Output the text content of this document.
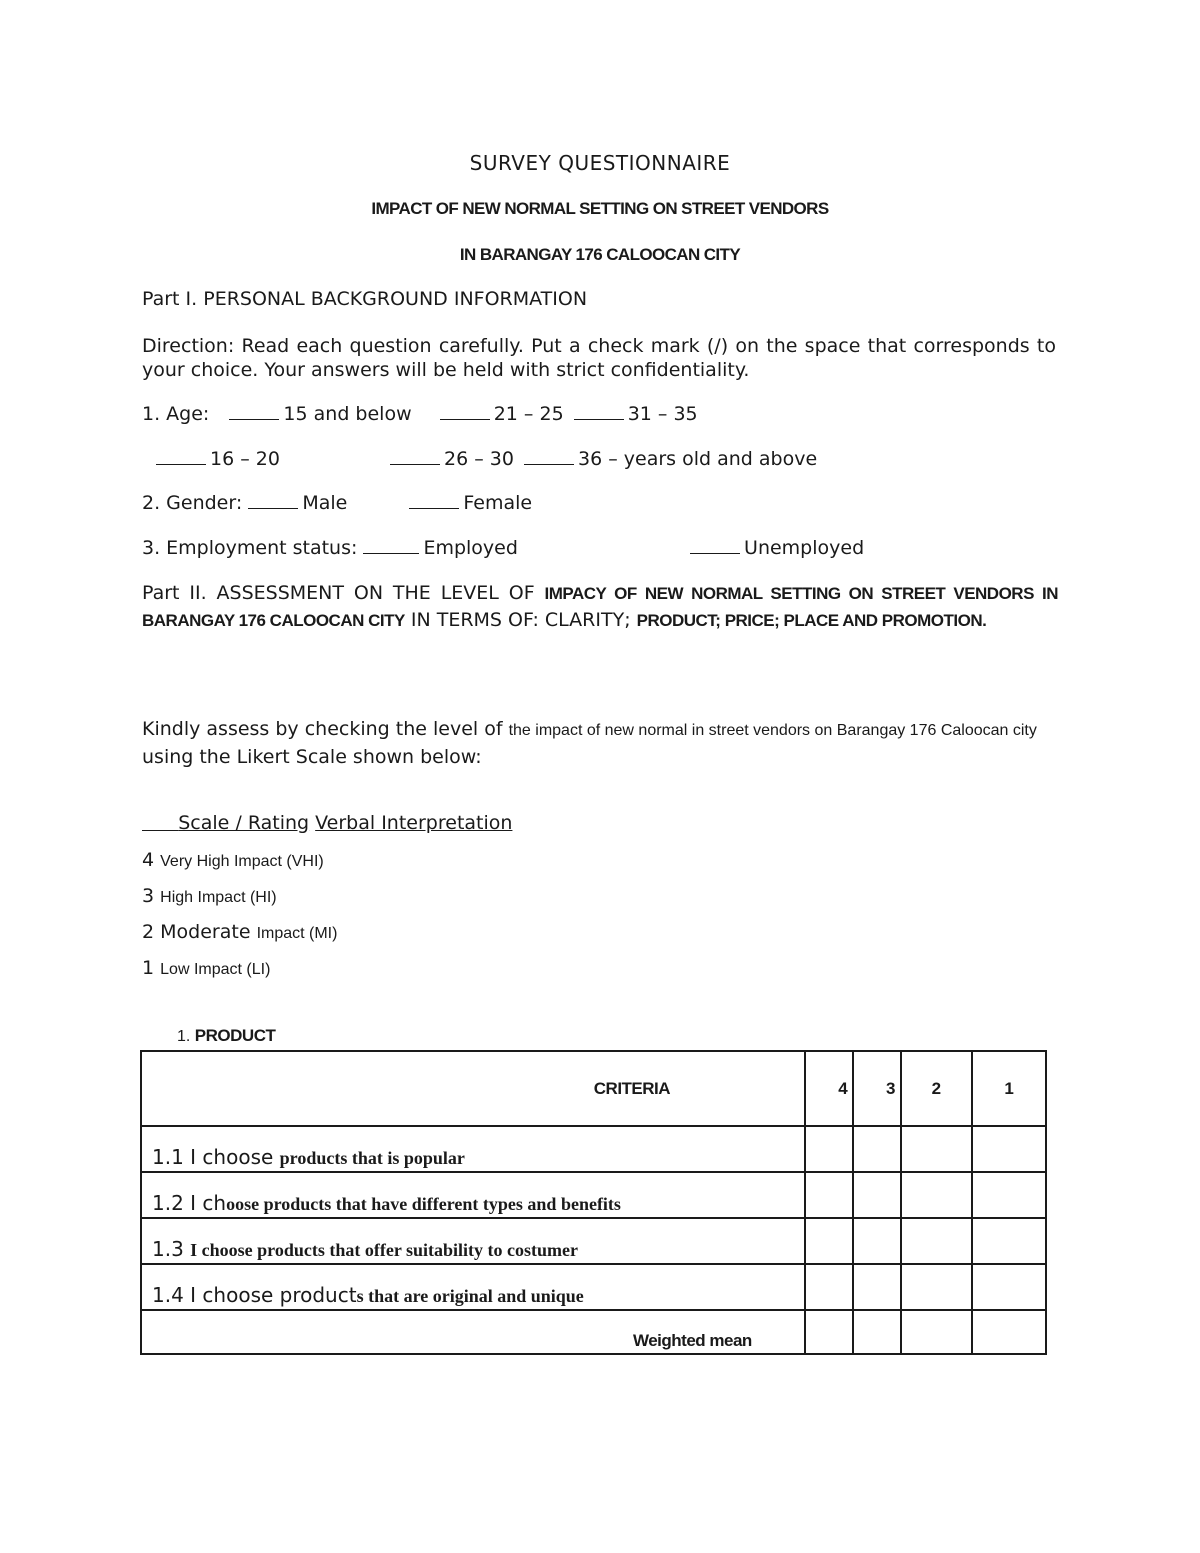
SURVEY QUESTIONNAIRE
IMPACT OF NEW NORMAL SETTING ON STREET VENDORS
IN BARANGAY 176 CALOOCAN CITY
Part I. PERSONAL BACKGROUND INFORMATION
Direction: Read each question carefully. Put a check mark (/) on the space that corresponds to your choice. Your answers will be held with strict confidentiality.
1. Age:	15 and below	21 – 25	31 – 35
16 – 20	26 – 30	36 – years old and above
2. Gender:	Male	Female
3. Employment status:	Employed	Unemployed
Part II. ASSESSMENT ON THE LEVEL OF IMPACY OF NEW NORMAL SETTING ON STREET VENDORS IN BARANGAY 176 CALOOCAN CITY IN TERMS OF: CLARITY; PRODUCT; PRICE; PLACE AND PROMOTION.
Kindly assess by checking the level of the impact of new normal in street vendors on Barangay 176 Caloocan city using the Likert Scale shown below:
Scale / Rating Verbal Interpretation
4 Very High Impact (VHI)
3 High Impact (HI)
2 Moderate Impact (MI)
1 Low Impact (LI)
1. PRODUCT
CRITERIA	4	3	2	1
1.1 I choose products that is popular				
1.2 I choose products that have different types and benefits				
1.3 I choose products that offer suitability to costumer				
1.4 I choose products that are original and unique				
Weighted mean				
